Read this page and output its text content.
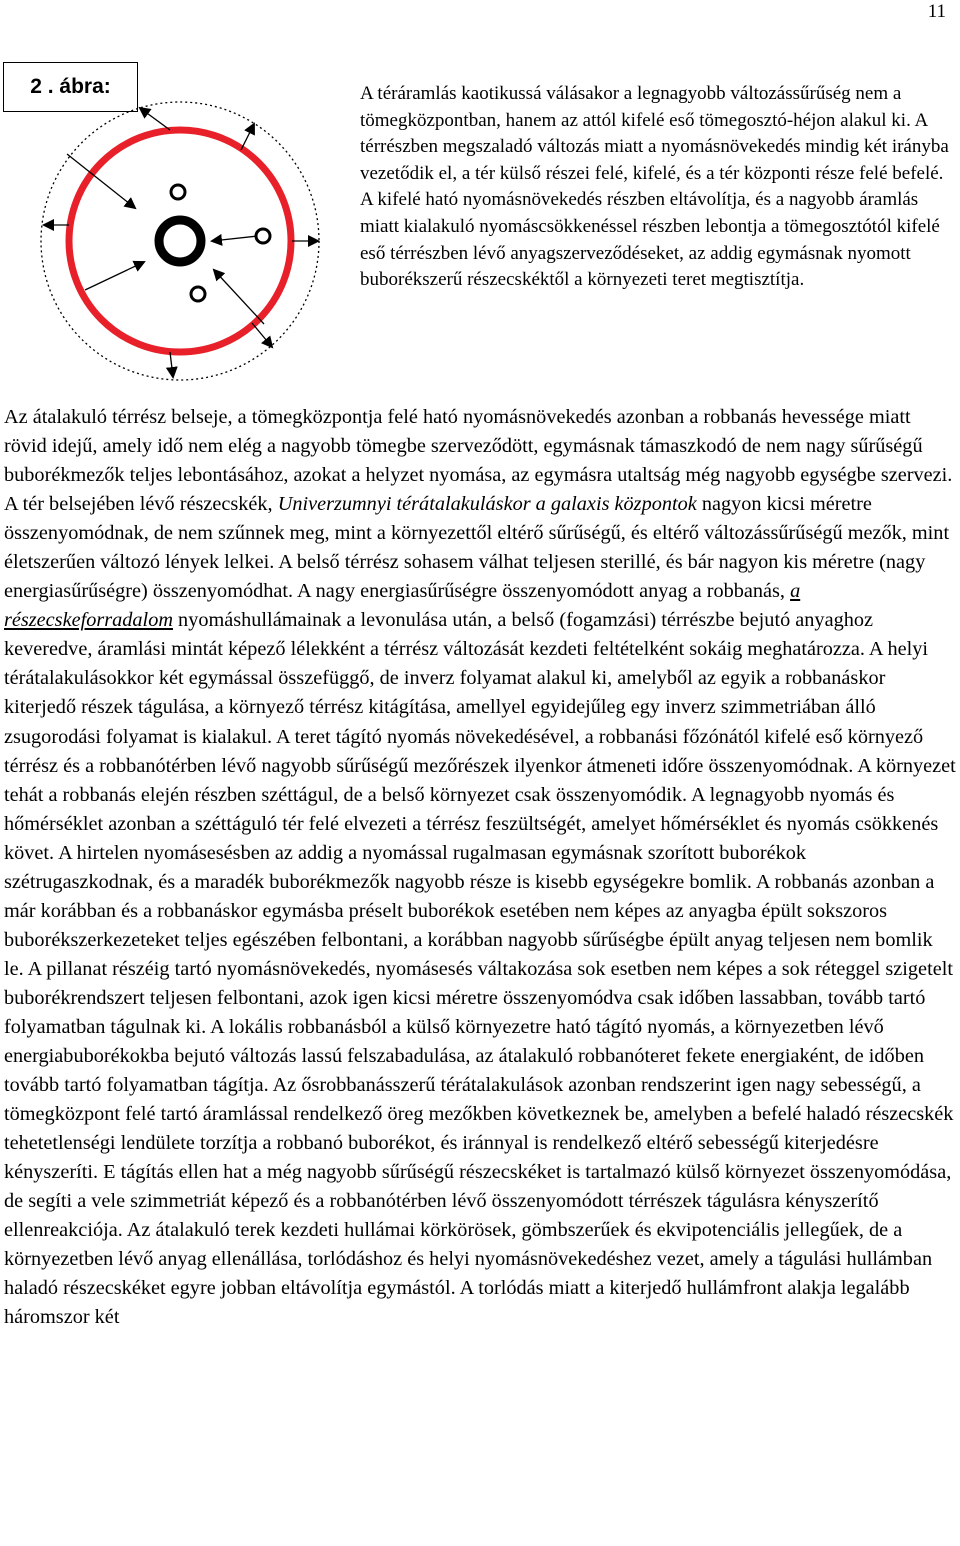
11
2 . ábra:	A téráramlás kaotikussá válásakor a legnagyobb változássűrűség nem a tömegközpontban, hanem az attól kifelé eső tömegosztó-héjon alakul ki. A térrészben megszaladó változás miatt a nyomásnövekedés mindig két irányba vezetődik el, a tér külső részei felé, kifelé, és a tér központi része felé befelé. A kifelé ható nyomásnövekedés részben eltávolítja, és a nagyobb áramlás miatt kialakuló nyomáscsökkenéssel részben lebontja a tömegosztótól kifelé eső térrészben lévő anyagszerveződéseket, az addig egymásnak nyomott buborékszerű részecskéktől a környezeti teret megtisztítja.

Az átalakuló térrész belseje, a tömegközpontja felé ható nyomásnövekedés azonban a robbanás hevessége miatt rövid idejű, amely idő nem elég a nagyobb tömegbe szerveződött, egymásnak támaszkodó de nem nagy sűrűségű buborékmezők teljes lebontásához, azokat a helyzet nyomása, az egymásra utaltság még nagyobb egységbe szervezi. A tér belsejében lévő részecskék, Univerzumnyi térátalakuláskor a galaxis központok nagyon kicsi méretre összenyomódnak, de nem szűnnek meg, mint a környezettől eltérő sűrűségű, és eltérő változássűrűségű mezők, mint életszerűen változó lények lelkei. A belső térrész sohasem válhat teljesen sterillé, és bár nagyon kis méretre (nagy energiasűrűségre) összenyomódhat. A nagy energiasűrűségre összenyomódott anyag a robbanás, a részecskeforradalom nyomáshullámainak a levonulása után, a belső (fogamzási) térrészbe bejutó anyaghoz keveredve, áramlási mintát képező lélekként a térrész változását kezdeti feltételként sokáig meghatározza. A helyi térátalakulásokkor két egymással összefüggő, de inverz folyamat alakul ki, amelyből az egyik a robbanáskor kiterjedő részek tágulása, a környező térrész kitágítása, amellyel egyidejűleg egy inverz szimmetriában álló zsugorodási folyamat is kialakul. A teret tágító nyomás növekedésével, a robbanási főzónától kifelé eső környező térrész és a robbanótérben lévő nagyobb sűrűségű mezőrészek ilyenkor átmeneti időre összenyomódnak. A környezet tehát a robbanás elején részben széttágul, de a belső környezet csak összenyomódik. A legnagyobb nyomás és hőmérséklet azonban a széttáguló tér felé elvezeti a térrész feszültségét, amelyet hőmérséklet és nyomás csökkenés követ. A hirtelen nyomásesésben az addig a nyomással rugalmasan egymásnak szorított buborékok szétrugaszkodnak, és a maradék buborékmezők nagyobb része is kisebb egységekre bomlik. A robbanás azonban a már korábban és a robbanáskor egymásba préselt buborékok esetében nem képes az anyagba épült sokszoros buborékszerkezeteket teljes egészében felbontani, a korábban nagyobb sűrűségbe épült anyag teljesen nem bomlik le. A pillanat részéig tartó nyomásnövekedés, nyomásesés váltakozása sok esetben nem képes a sok réteggel szigetelt buborékrendszert teljesen felbontani, azok igen kicsi méretre összenyomódva csak időben lassabban, tovább tartó folyamatban tágulnak ki. A lokális robbanásból a külső környezetre ható tágító nyomás, a környezetben lévő energiabuborékokba bejutó változás lassú felszabadulása, az átalakuló robbanóteret fekete energiaként, de időben tovább tartó folyamatban tágítja. Az ősrobbanásszerű térátalakulások azonban rendszerint igen nagy sebességű, a tömegközpont felé tartó áramlással rendelkező öreg mezőkben következnek be, amelyben a befelé haladó részecskék tehetetlenségi lendülete torzítja a robbanó buborékot, és iránnyal is rendelkező eltérő sebességű kiterjedésre kényszeríti. E tágítás ellen hat a még nagyobb sűrűségű részecskéket is tartalmazó külső környezet összenyomódása, de segíti a vele szimmetriát képező és a robbanótérben lévő összenyomódott térrészek tágulásra kényszerítő ellenreakciója. Az átalakuló terek kezdeti hullámai körkörösek, gömbszerűek és ekvipotenciális jellegűek, de a környezetben lévő anyag ellenállása, torlódáshoz és helyi nyomásnövekedéshez vezet, amely a tágulási hullámban haladó részecskéket egyre jobban eltávolítja egymástól. A torlódás miatt a kiterjedő hullámfront alakja legalább háromszor két
